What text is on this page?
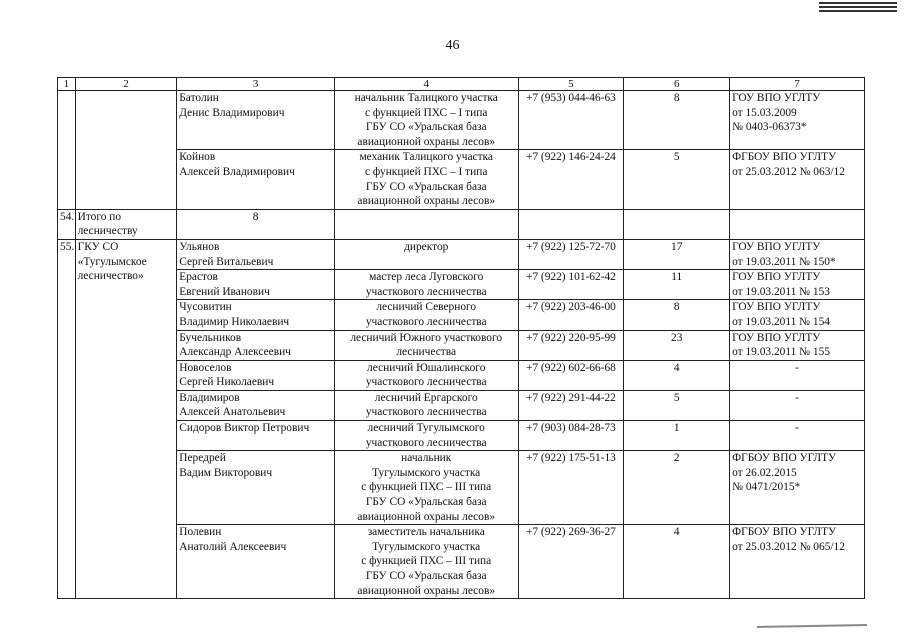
46
1	2	3	4	5	6	7

		Батолин
Денис Владимирович	начальник Талицкого участка
с функцией ПХС – I типа
ГБУ СО «Уральская база
авиационной охраны лесов»	+7 (953) 044-46-63	8	ГОУ ВПО УГЛТУ
от 15.03.2009
№ 0403-06373*

		Койнов
Алексей Владимирович	механик Талицкого участка
с функцией ПХС – I типа
ГБУ СО «Уральская база
авиационной охраны лесов»	+7 (922) 146-24-24	5	ФГБОУ ВПО УГЛТУ
от 25.03.2012 № 063/12

54.	Итого по
лесничеству	8				

55.	ГКУ СО
«Тугулымское
лесничество»	Ульянов
Сергей Витальевич	директор	+7 (922) 125-72-70	17	ГОУ ВПО УГЛТУ
от 19.03.2011 № 150*

		Ерастов
Евгений Иванович	мастер леса Луговского
участкового лесничества	+7 (922) 101-62-42	11	ГОУ ВПО УГЛТУ
от 19.03.2011 № 153

		Чусовитин
Владимир Николаевич	лесничий Северного
участкового лесничества	+7 (922) 203-46-00	8	ГОУ ВПО УГЛТУ
от 19.03.2011 № 154

		Бучельников
Александр Алексеевич	лесничий Южного участкового
лесничества	+7 (922) 220-95-99	23	ГОУ ВПО УГЛТУ
от 19.03.2011 № 155

		Новоселов
Сергей Николаевич	лесничий Юшалинского
участкового лесничества	+7 (922) 602-66-68	4	-

		Владимиров
Алексей Анатольевич	лесничий Ергарского
участкового лесничества	+7 (922) 291-44-22	5	-

		Сидоров Виктор Петрович	лесничий Тугулымского
участкового лесничества	+7 (903) 084-28-73	1	-

		Передрей
Вадим Викторович	начальник
Тугулымского участка
с функцией ПХС – III типа
ГБУ СО «Уральская база
авиационной охраны лесов»	+7 (922) 175-51-13	2	ФГБОУ ВПО УГЛТУ
от 26.02.2015
№ 0471/2015*

		Полевин
Анатолий Алексеевич	заместитель начальника
Тугулымского участка
с функцией ПХС – III типа
ГБУ СО «Уральская база
авиационной охраны лесов»	+7 (922) 269-36-27	4	ФГБОУ ВПО УГЛТУ
от 25.03.2012 № 065/12
